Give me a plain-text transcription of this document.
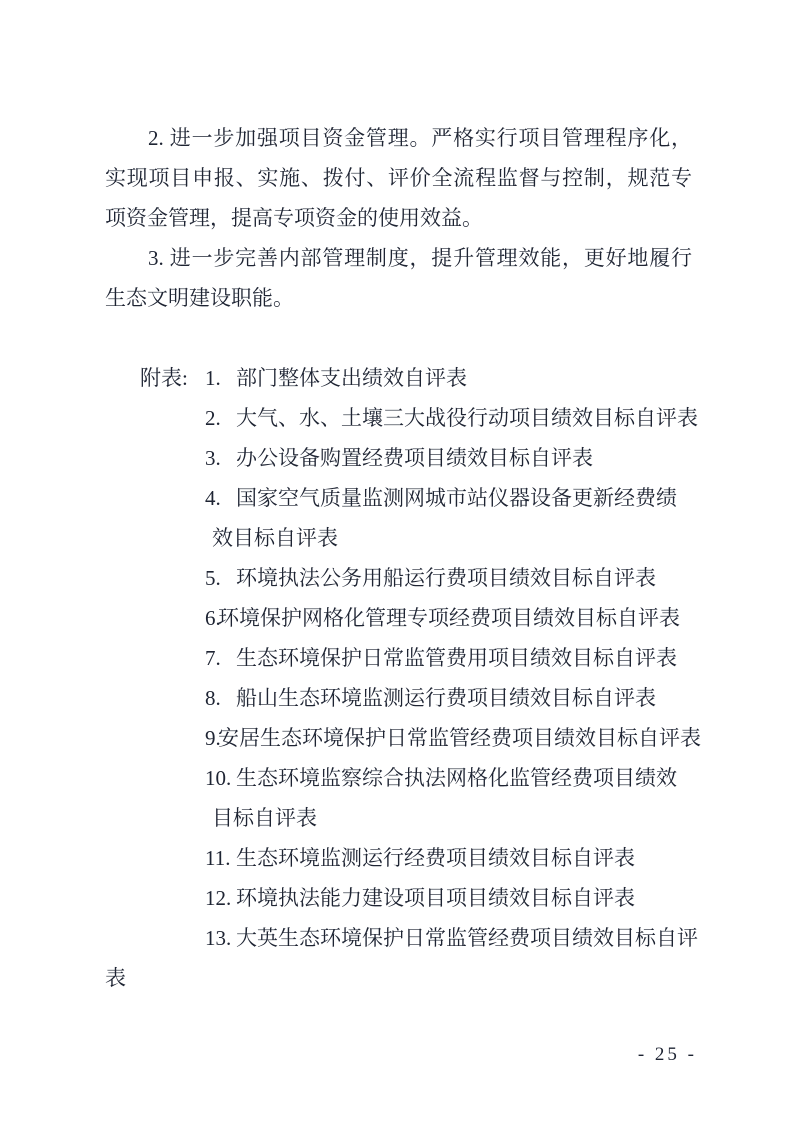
2. 进一步加强项目资金管理。严格实行项目管理程序化，
实现项目申报、实施、拨付、评价全流程监督与控制，规范专
项资金管理，提高专项资金的使用效益。
3. 进一步完善内部管理制度，提升管理效能，更好地履行
生态文明建设职能。
附表: 1. 部门整体支出绩效自评表
2. 大气、水、土壤三大战役行动项目绩效目标自评表
3. 办公设备购置经费项目绩效目标自评表
4. 国家空气质量监测网城市站仪器设备更新经费绩
效目标自评表
5. 环境执法公务用船运行费项目绩效目标自评表
6.
环境保护网格化管理专项经费项目绩效目标自评表
7. 生态环境保护日常监管费用项目绩效目标自评表
8. 船山生态环境监测运行费项目绩效目标自评表
9.
安居生态环境保护日常监管经费项目绩效目标自评表
10. 生态环境监察综合执法网格化监管经费项目绩效
目标自评表
11. 生态环境监测运行经费项目绩效目标自评表
12. 环境执法能力建设项目项目绩效目标自评表
13. 大英生态环境保护日常监管经费项目绩效目标自评
表
- 25 -
